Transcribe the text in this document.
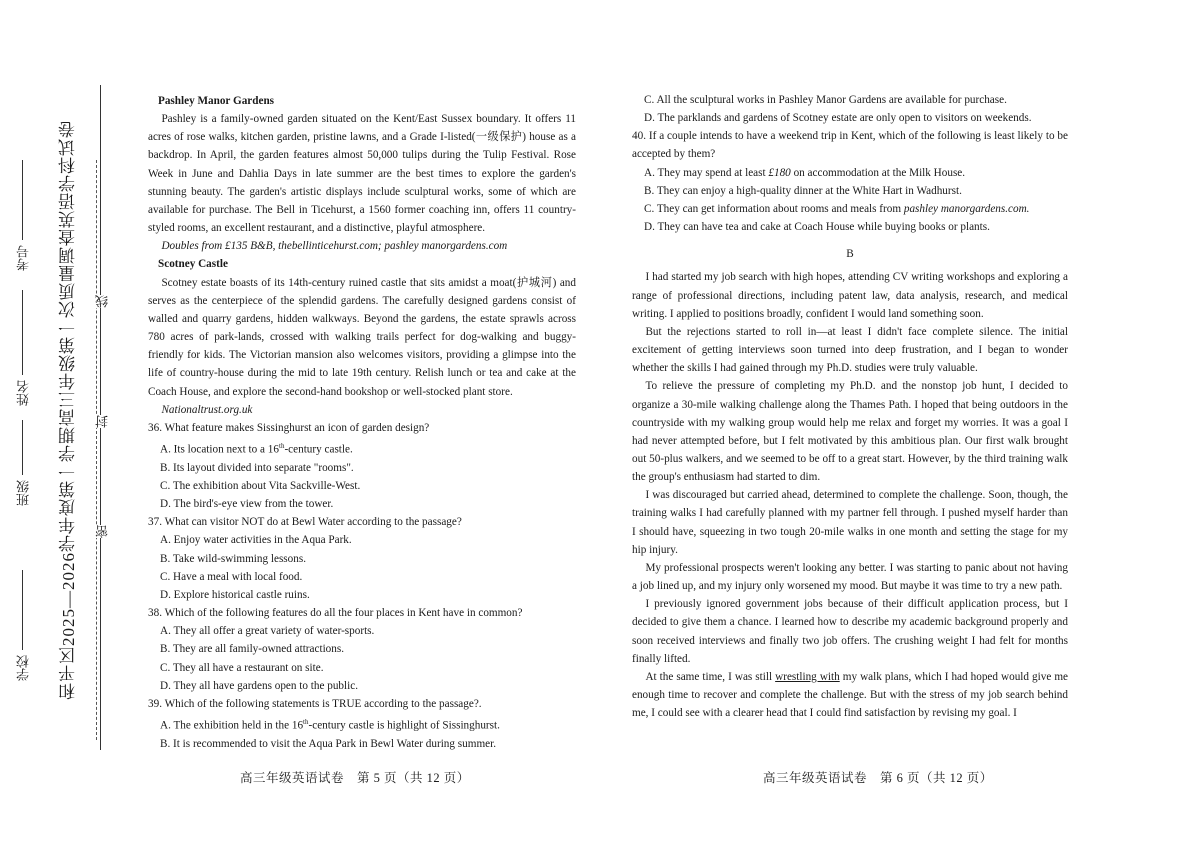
和平区2025—2026学年度第一学期高三年级第一次质量调查英语学科试卷
学校
班级
姓名
考号
线
封
密

Pashley Manor Gardens

Pashley is a family-owned garden situated on the Kent/East Sussex boundary. It offers 11 acres of rose walks, kitchen garden, pristine lawns, and a Grade I-listed(一级保护) house as a backdrop. In April, the garden features almost 50,000 tulips during the Tulip Festival. Rose Week in June and Dahlia Days in late summer are the best times to explore the garden's stunning beauty. The garden's artistic displays include sculptural works, some of which are available for purchase. The Bell in Ticehurst, a 1560 former coaching inn, offers 11 country-styled rooms, an excellent restaurant, and a distinctive, playful atmosphere.

Doubles from £135 B&B, thebellinticehurst.com; pashley manorgardens.com

Scotney Castle

Scotney estate boasts of its 14th-century ruined castle that sits amidst a moat(护城河) and serves as the centerpiece of the splendid gardens. The carefully designed gardens consist of walled and quarry gardens, hidden walkways. Beyond the gardens, the estate sprawls across 780 acres of park-lands, crossed with walking trails perfect for dog-walking and buggy-friendly for kids. The Victorian mansion also welcomes visitors, providing a glimpse into the life of country-house during the mid to late 19th century. Relish lunch or tea and cake at the Coach House, and explore the second-hand bookshop or well-stocked plant store.

Nationaltrust.org.uk

36. What feature makes Sissinghurst an icon of garden design?

A. Its location next to a 16th-century castle.

B. Its layout divided into separate "rooms".

C. The exhibition about Vita Sackville-West.

D. The bird's-eye view from the tower.

37. What can visitor NOT do at Bewl Water according to the passage?

A. Enjoy water activities in the Aqua Park.

B. Take wild-swimming lessons.

C. Have a meal with local food.

D. Explore historical castle ruins.

38. Which of the following features do all the four places in Kent have in common?

A. They all offer a great variety of water-sports.

B. They are all family-owned attractions.

C. They all have a restaurant on site.

D. They all have gardens open to the public.

39. Which of the following statements is TRUE according to the passage?.

A. The exhibition held in the 16th-century castle is highlight of Sissinghurst.

B. It is recommended to visit the Aqua Park in Bewl Water during summer.

高三年级英语试卷　第 5 页（共 12 页）

C. All the sculptural works in Pashley Manor Gardens are available for purchase.

D. The parklands and gardens of Scotney estate are only open to visitors on weekends.

40. If a couple intends to have a weekend trip in Kent, which of the following is least likely to be accepted by them?

A. They may spend at least £180 on accommodation at the Milk House.

B. They can enjoy a high-quality dinner at the White Hart in Wadhurst.

C. They can get information about rooms and meals from pashley manorgardens.com.

D. They can have tea and cake at Coach House while buying books or plants.

B

I had started my job search with high hopes, attending CV writing workshops and exploring a range of professional directions, including patent law, data analysis, research, and medical writing. I applied to positions broadly, confident I would land something soon.

But the rejections started to roll in—at least I didn't face complete silence. The initial excitement of getting interviews soon turned into deep frustration, and I began to wonder whether the skills I had gained through my Ph.D. studies were truly valuable.

To relieve the pressure of completing my Ph.D. and the nonstop job hunt, I decided to organize a 30-mile walking challenge along the Thames Path. I hoped that being outdoors in the countryside with my walking group would help me relax and forget my worries. It was a goal I had never attempted before, but I felt motivated by this ambitious plan. Our first walk brought out 50-plus walkers, and we seemed to be off to a great start. However, by the third training walk the group's enthusiasm had started to dim.

I was discouraged but carried ahead, determined to complete the challenge. Soon, though, the training walks I had carefully planned with my partner fell through. I pushed myself harder than I should have, squeezing in two tough 20-mile walks in one month and setting the stage for my hip injury.

My professional prospects weren't looking any better. I was starting to panic about not having a job lined up, and my injury only worsened my mood. But maybe it was time to try a new path.

I previously ignored government jobs because of their difficult application process, but I decided to give them a chance. I learned how to describe my academic background properly and soon received interviews and finally two job offers. The crushing weight I had felt for months finally lifted.

At the same time, I was still wrestling with my walk plans, which I had hoped would give me enough time to recover and complete the challenge. But with the stress of my job search behind me, I could see with a clearer head that I could find satisfaction by revising my goal. I

高三年级英语试卷　第 6 页（共 12 页）
